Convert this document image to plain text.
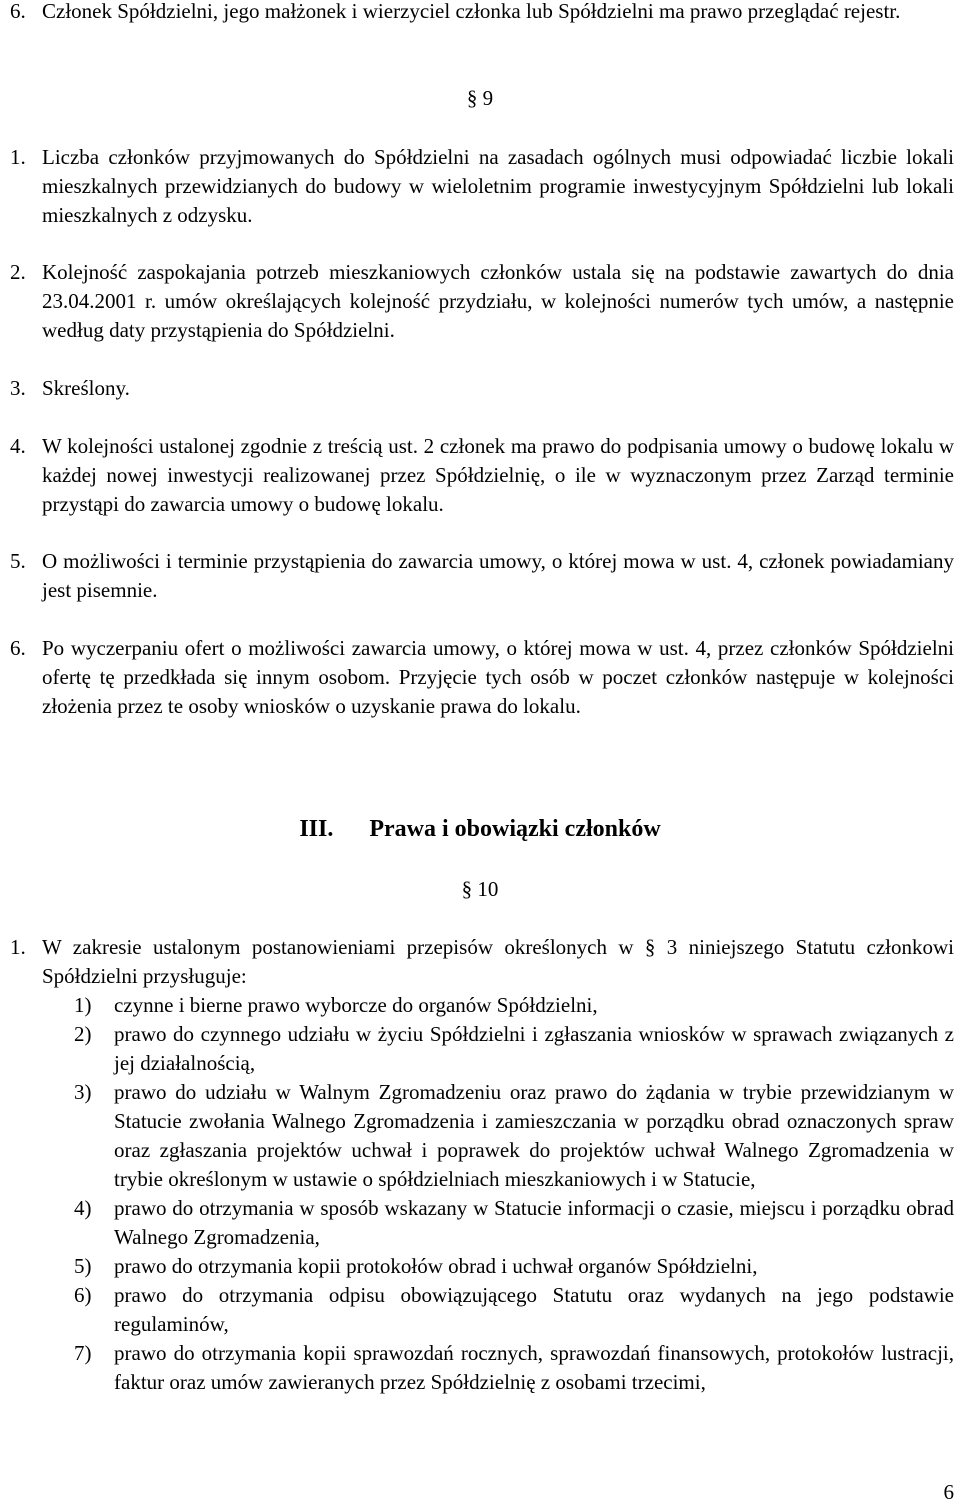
6. Członek Spółdzielni, jego małżonek i wierzyciel członka lub Spółdzielni ma prawo przeglądać rejestr.
§ 9
1. Liczba członków przyjmowanych do Spółdzielni na zasadach ogólnych musi odpowiadać liczbie lokali mieszkalnych przewidzianych do budowy w wieloletnim programie inwestycyjnym Spółdzielni lub lokali mieszkalnych z odzysku.
2. Kolejność zaspokajania potrzeb mieszkaniowych członków ustala się na podstawie zawartych do dnia 23.04.2001 r. umów określających kolejność przydziału, w kolejności numerów tych umów, a następnie według daty przystąpienia do Spółdzielni.
3. Skreślony.
4. W kolejności ustalonej zgodnie z treścią ust. 2 członek ma prawo do podpisania umowy o budowę lokalu w każdej nowej inwestycji realizowanej przez Spółdzielnię, o ile w wyznaczonym przez Zarząd terminie przystąpi do zawarcia umowy o budowę lokalu.
5. O możliwości i terminie przystąpienia do zawarcia umowy, o której mowa w ust. 4, członek powiadamiany jest pisemnie.
6. Po wyczerpaniu ofert o możliwości zawarcia umowy, o której mowa w ust. 4, przez członków Spółdzielni ofertę tę przedkłada się innym osobom. Przyjęcie tych osób w poczet członków następuje w kolejności złożenia przez te osoby wniosków o uzyskanie prawa do lokalu.
III. Prawa i obowiązki członków
§ 10
1. W zakresie ustalonym postanowieniami przepisów określonych w § 3 niniejszego Statutu członkowi Spółdzielni przysługuje:
1)	czynne i bierne prawo wyborcze do organów Spółdzielni,
2)	prawo do czynnego udziału w życiu Spółdzielni i zgłaszania wniosków w sprawach związanych z jej działalnością,
3)	prawo do udziału w Walnym Zgromadzeniu oraz prawo do żądania w trybie przewidzianym w Statucie zwołania Walnego Zgromadzenia i zamieszczania w porządku obrad oznaczonych spraw oraz zgłaszania projektów uchwał i poprawek do projektów uchwał Walnego Zgromadzenia w trybie określonym w ustawie o spółdzielniach mieszkaniowych i w Statucie,
4)	prawo do otrzymania w sposób wskazany w Statucie informacji o czasie, miejscu i porządku obrad Walnego Zgromadzenia,
5)	prawo do otrzymania kopii protokołów obrad i uchwał organów Spółdzielni,
6)	prawo do otrzymania odpisu obowiązującego Statutu oraz wydanych na jego podstawie regulaminów,
7)	prawo do otrzymania kopii sprawozdań rocznych, sprawozdań finansowych, protokołów lustracji, faktur oraz umów zawieranych przez Spółdzielnię z osobami trzecimi,
6
